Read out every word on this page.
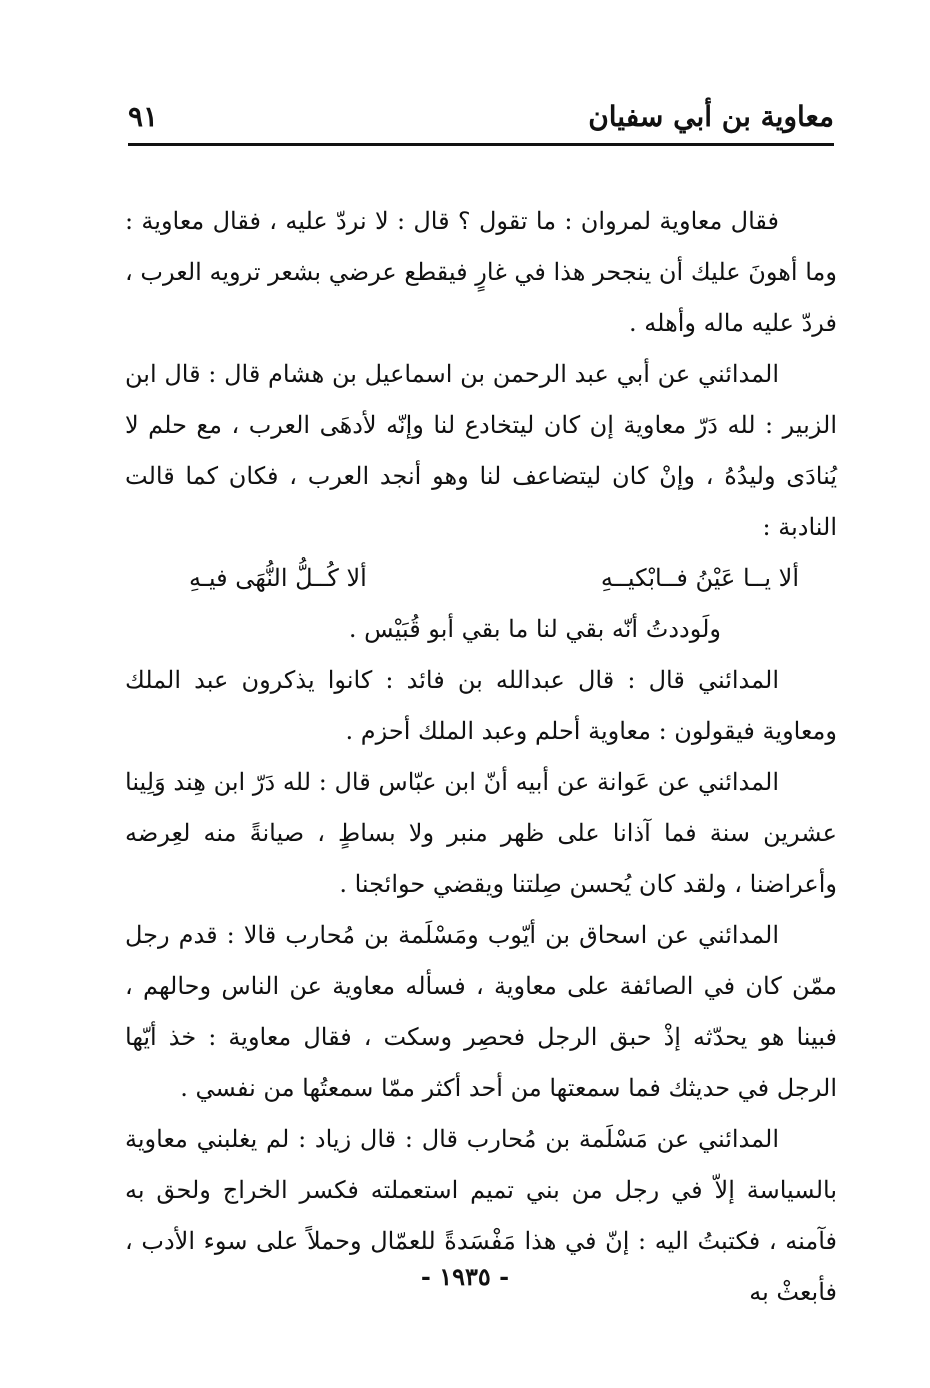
معاوية بن أبي سفيان
٩١

فقال معاوية لمروان : ما تقول ؟ قال : لا نردّ عليه ، فقال معاوية : وما أهونَ عليك أن ينجحر هذا في غارٍ فيقطع عرضي بشعر ترويه العرب ، فردّ عليه ماله وأهله .

المدائني عن أبي عبد الرحمن بن اسماعيل بن هشام قال : قال ابن الزبير : لله دَرّ معاوية إن كان ليتخادع لنا وإنّه لأدهَى العرب ، مع حلم لا يُنادَى وليدُهُ ، وإنْ كان ليتضاعف لنا وهو أنجد العرب ، فكان كما قالت النادبة :

ألا يــا عَيْنُ فــابْكيــهِ
ألا كُــلُّ النُّهَى فيـهِ

ولَوددتُ أنّه بقي لنا ما بقي أبو قُبَيْس .

المدائني قال : قال عبدالله بن فائد : كانوا يذكرون عبد الملك ومعاوية فيقولون : معاوية أحلم وعبد الملك أحزم .

المدائني عن عَوانة عن أبيه أنّ ابن عبّاس قال : لله دَرّ ابن هِند وَلِينا عشرين سنة فما آذانا على ظهر منبر ولا بساطٍ ، صيانةً منه لعِرضه وأعراضنا ، ولقد كان يُحسن صِلتنا ويقضي حوائجنا .

المدائني عن اسحاق بن أيّوب ومَسْلَمة بن مُحارب قالا : قدم رجل ممّن كان في الصائفة على معاوية ، فسأله معاوية عن الناس وحالهم ، فبينا هو يحدّثه إذْ حبق الرجل فحصِر وسكت ، فقال معاوية : خذ أيّها الرجل في حديثك فما سمعتها من أحد أكثر ممّا سمعتُها من نفسي .

المدائني عن مَسْلَمة بن مُحارب قال : قال زياد : لم يغلبني معاوية بالسياسة إلاّ في رجل من بني تميم استعملته فكسر الخراج ولحق به فآمنه ، فكتبتُ اليه : إنّ في هذا مَفْسَدةً للعمّال وحملاً على سوء الأدب ، فأبعثْ به

- ١٩٣٥ -
